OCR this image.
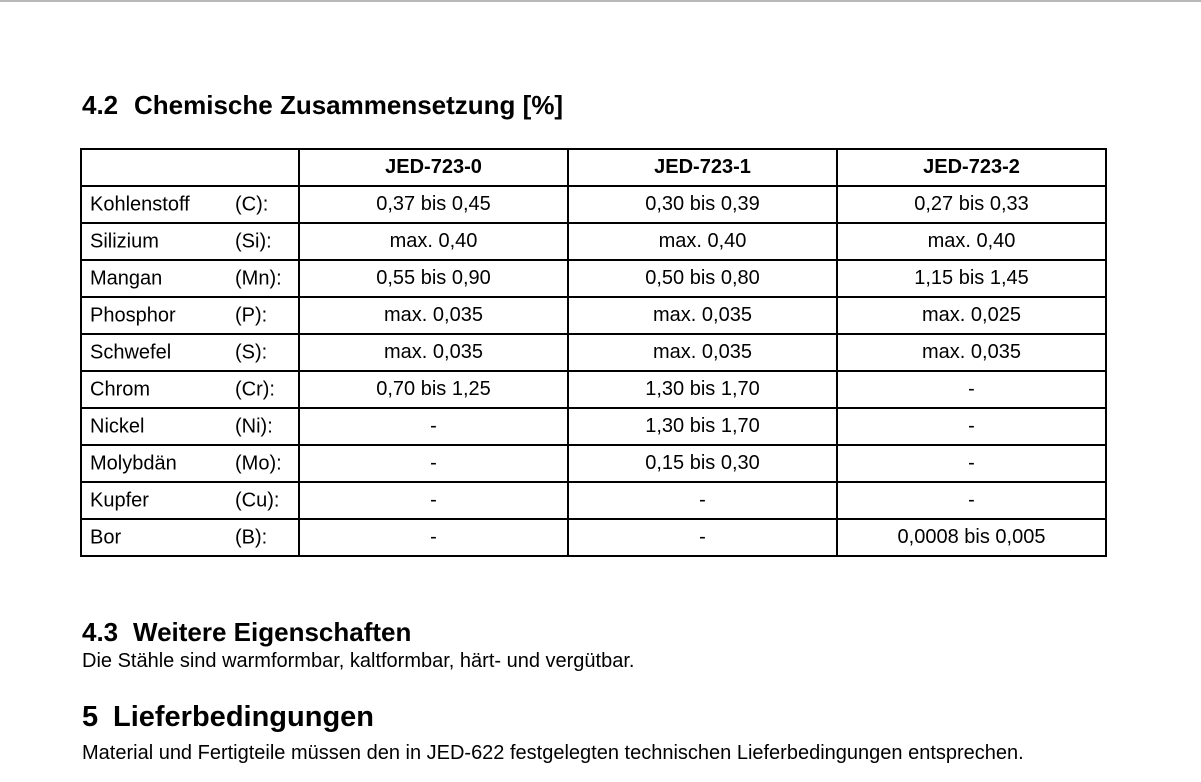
4.2 Chemische Zusammensetzung [%]
	JED-723-0	JED-723-1	JED-723-2

Kohlenstoff (C):	0,37 bis 0,45	0,30 bis 0,39	0,27 bis 0,33

Silizium (Si):	max. 0,40	max. 0,40	max. 0,40

Mangan (Mn):	0,55 bis 0,90	0,50 bis 0,80	1,15 bis 1,45

Phosphor (P):	max. 0,035	max. 0,035	max. 0,025

Schwefel (S):	max. 0,035	max. 0,035	max. 0,035

Chrom (Cr):	0,70 bis 1,25	1,30 bis 1,70	-

Nickel (Ni):	-	1,30 bis 1,70	-

Molybdän (Mo):	-	0,15 bis 0,30	-

Kupfer (Cu):	-	-	-

Bor (B):	-	-	0,0008 bis 0,005
4.3 Weitere Eigenschaften

Die Stähle sind warmformbar, kaltformbar, härt- und vergütbar.

5 Lieferbedingungen

Material und Fertigteile müssen den in JED-622 festgelegten technischen Lieferbedingungen entsprechen.
